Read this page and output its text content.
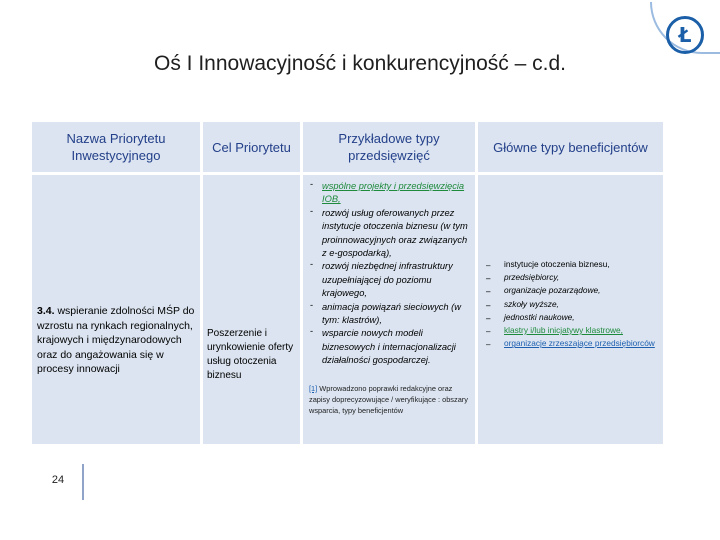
Ł
Oś I Innowacyjność i konkurencyjność – c.d.
Nazwa Priorytetu Inwestycyjnego
Cel Priorytetu
Przykładowe typy przedsięwzięć
Główne typy beneficjentów
3.4. wspieranie zdolności MŚP do wzrostu na rynkach regionalnych, krajowych i międzynarodowych oraz do angażowania się w procesy innowacji
Poszerzenie i urynkowienie oferty usług otoczenia biznesu
- wspólne projekty i przedsięwzięcia IOB,
- rozwój usług oferowanych przez instytucje otoczenia biznesu (w tym proinnowacyjnych oraz związanych z e-gospodarką),
- rozwój niezbędnej infrastruktury uzupełniającej do poziomu krajowego,
- animacja powiązań sieciowych (w tym: klastrów),
- wsparcie nowych modeli biznesowych i internacjonalizacji działalności gospodarczej.
[1] Wprowadzono poprawki redakcyjne oraz zapisy doprecyzowujące / weryfikujące : obszary wsparcia, typy beneficjentów
– instytucje otoczenia biznesu,
– przedsiębiorcy,
– organizacje pozarządowe,
– szkoły wyższe,
– jednostki naukowe,
– klastry i/lub inicjatywy klastrowe,
– organizacje zrzeszające przedsiębiorców
24
